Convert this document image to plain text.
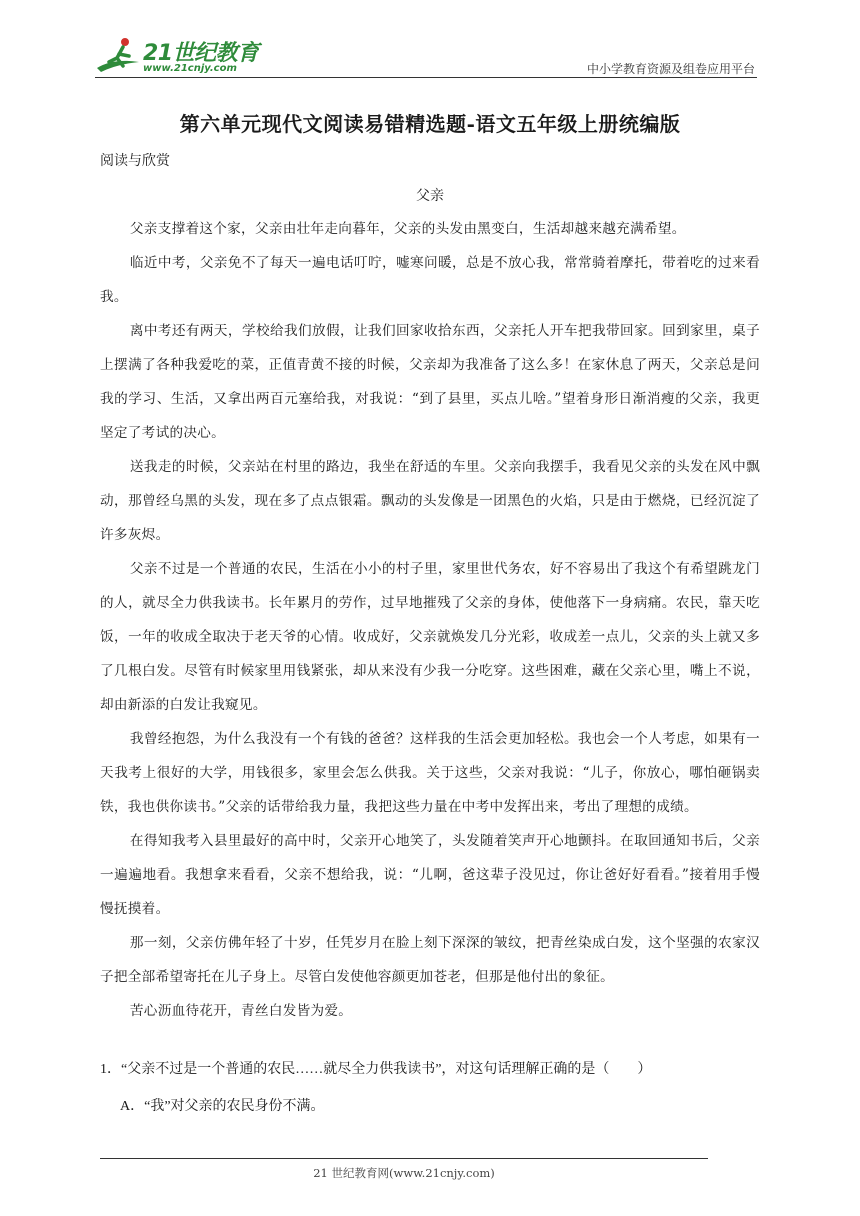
21世纪教育
www.21cnjy.com	中小学教育资源及组卷应用平台
第六单元现代文阅读易错精选题-语文五年级上册统编版
阅读与欣赏
父亲

父亲支撑着这个家，父亲由壮年走向暮年，父亲的头发由黑变白，生活却越来越充满希望。

临近中考，父亲免不了每天一遍电话叮咛，嘘寒问暖，总是不放心我，常常骑着摩托，带着吃的过来看我。

离中考还有两天，学校给我们放假，让我们回家收拾东西，父亲托人开车把我带回家。回到家里，桌子上摆满了各种我爱吃的菜，正值青黄不接的时候，父亲却为我准备了这么多！在家休息了两天，父亲总是问我的学习、生活，又拿出两百元塞给我，对我说：“到了县里，买点儿啥。”望着身形日渐消瘦的父亲，我更坚定了考试的决心。

送我走的时候，父亲站在村里的路边，我坐在舒适的车里。父亲向我摆手，我看见父亲的头发在风中飘动，那曾经乌黑的头发，现在多了点点银霜。飘动的头发像是一团黑色的火焰，只是由于燃烧，已经沉淀了许多灰烬。

父亲不过是一个普通的农民，生活在小小的村子里，家里世代务农，好不容易出了我这个有希望跳龙门的人，就尽全力供我读书。长年累月的劳作，过早地摧残了父亲的身体，使他落下一身病痛。农民，靠天吃饭，一年的收成全取决于老天爷的心情。收成好，父亲就焕发几分光彩，收成差一点儿，父亲的头上就又多了几根白发。尽管有时候家里用钱紧张，却从来没有少我一分吃穿。这些困难，藏在父亲心里，嘴上不说，却由新添的白发让我窥见。

我曾经抱怨，为什么我没有一个有钱的爸爸？这样我的生活会更加轻松。我也会一个人考虑，如果有一天我考上很好的大学，用钱很多，家里会怎么供我。关于这些，父亲对我说：“儿子，你放心，哪怕砸锅卖铁，我也供你读书。”父亲的话带给我力量，我把这些力量在中考中发挥出来，考出了理想的成绩。

在得知我考入县里最好的高中时，父亲开心地笑了，头发随着笑声开心地颤抖。在取回通知书后，父亲一遍遍地看。我想拿来看看，父亲不想给我，说：“儿啊，爸这辈子没见过，你让爸好好看看。”接着用手慢慢抚摸着。

那一刻，父亲仿佛年轻了十岁，任凭岁月在脸上刻下深深的皱纹，把青丝染成白发，这个坚强的农家汉子把全部希望寄托在儿子身上。尽管白发使他容颜更加苍老，但那是他付出的象征。

苦心沥血待花开，青丝白发皆为爱。

1．“父亲不过是一个普通的农民……就尽全力供我读书”，对这句话理解正确的是（　　）
A．“我”对父亲的农民身份不满。
21 世纪教育网(www.21cnjy.com)
